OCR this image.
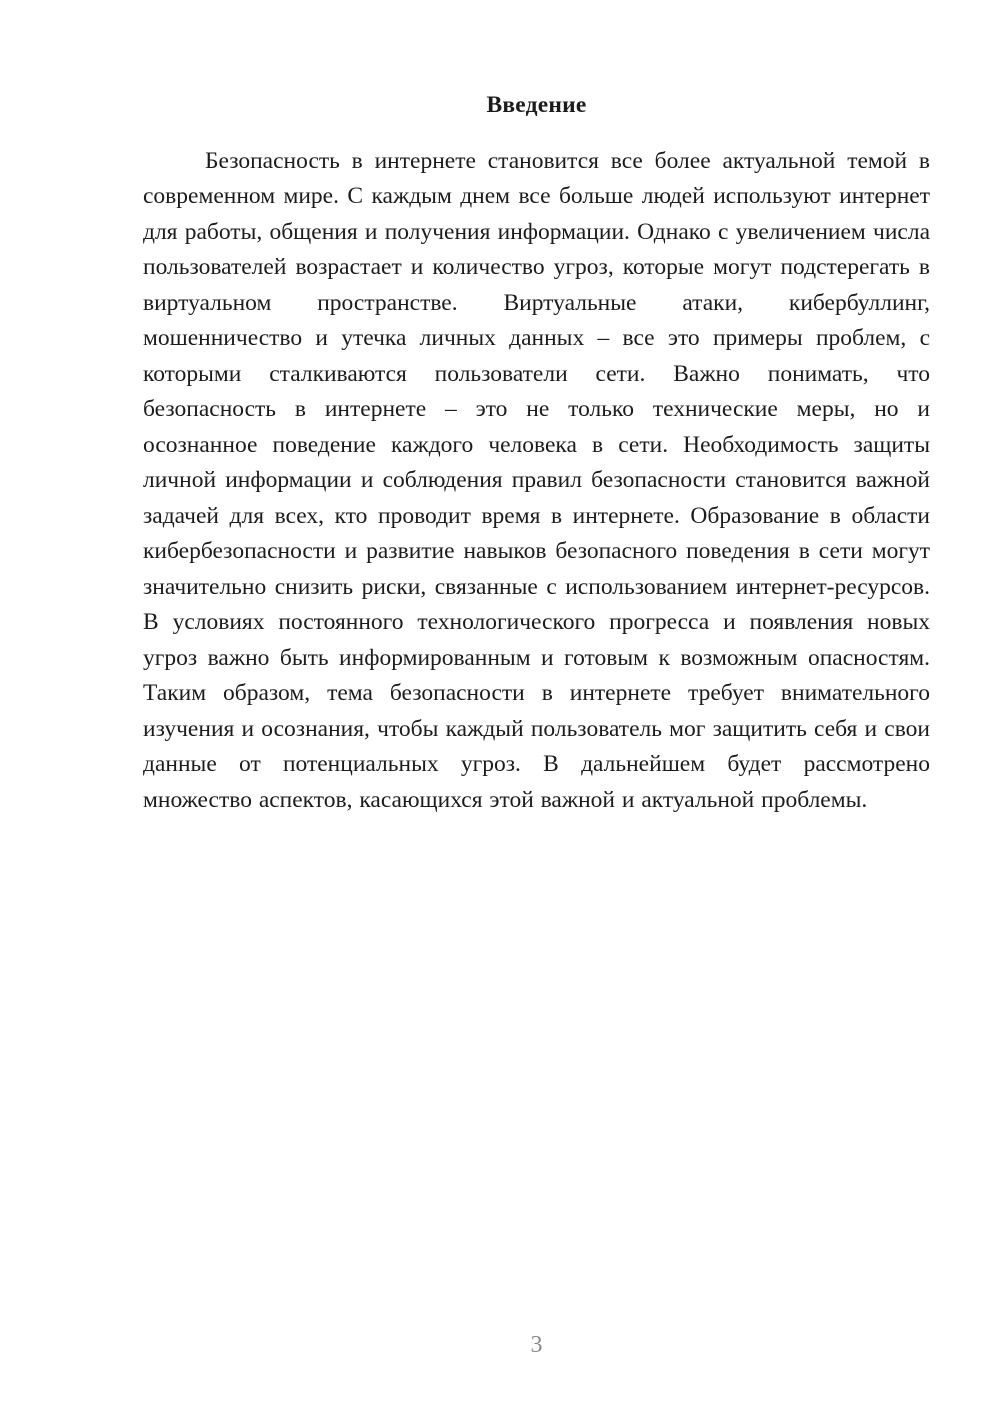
Введение

Безопасность в интернете становится все более актуальной темой в современном мире. С каждым днем все больше людей используют интернет для работы, общения и получения информации. Однако с увеличением числа пользователей возрастает и количество угроз, которые могут подстерегать в виртуальном пространстве. Виртуальные атаки, кибербуллинг, мошенничество и утечка личных данных – все это примеры проблем, с которыми сталкиваются пользователи сети. Важно понимать, что безопасность в интернете – это не только технические меры, но и осознанное поведение каждого человека в сети. Необходимость защиты личной информации и соблюдения правил безопасности становится важной задачей для всех, кто проводит время в интернете. Образование в области кибербезопасности и развитие навыков безопасного поведения в сети могут значительно снизить риски, связанные с использованием интернет-ресурсов. В условиях постоянного технологического прогресса и появления новых угроз важно быть информированным и готовым к возможным опасностям. Таким образом, тема безопасности в интернете требует внимательного изучения и осознания, чтобы каждый пользователь мог защитить себя и свои данные от потенциальных угроз. В дальнейшем будет рассмотрено множество аспектов, касающихся этой важной и актуальной проблемы.

3
